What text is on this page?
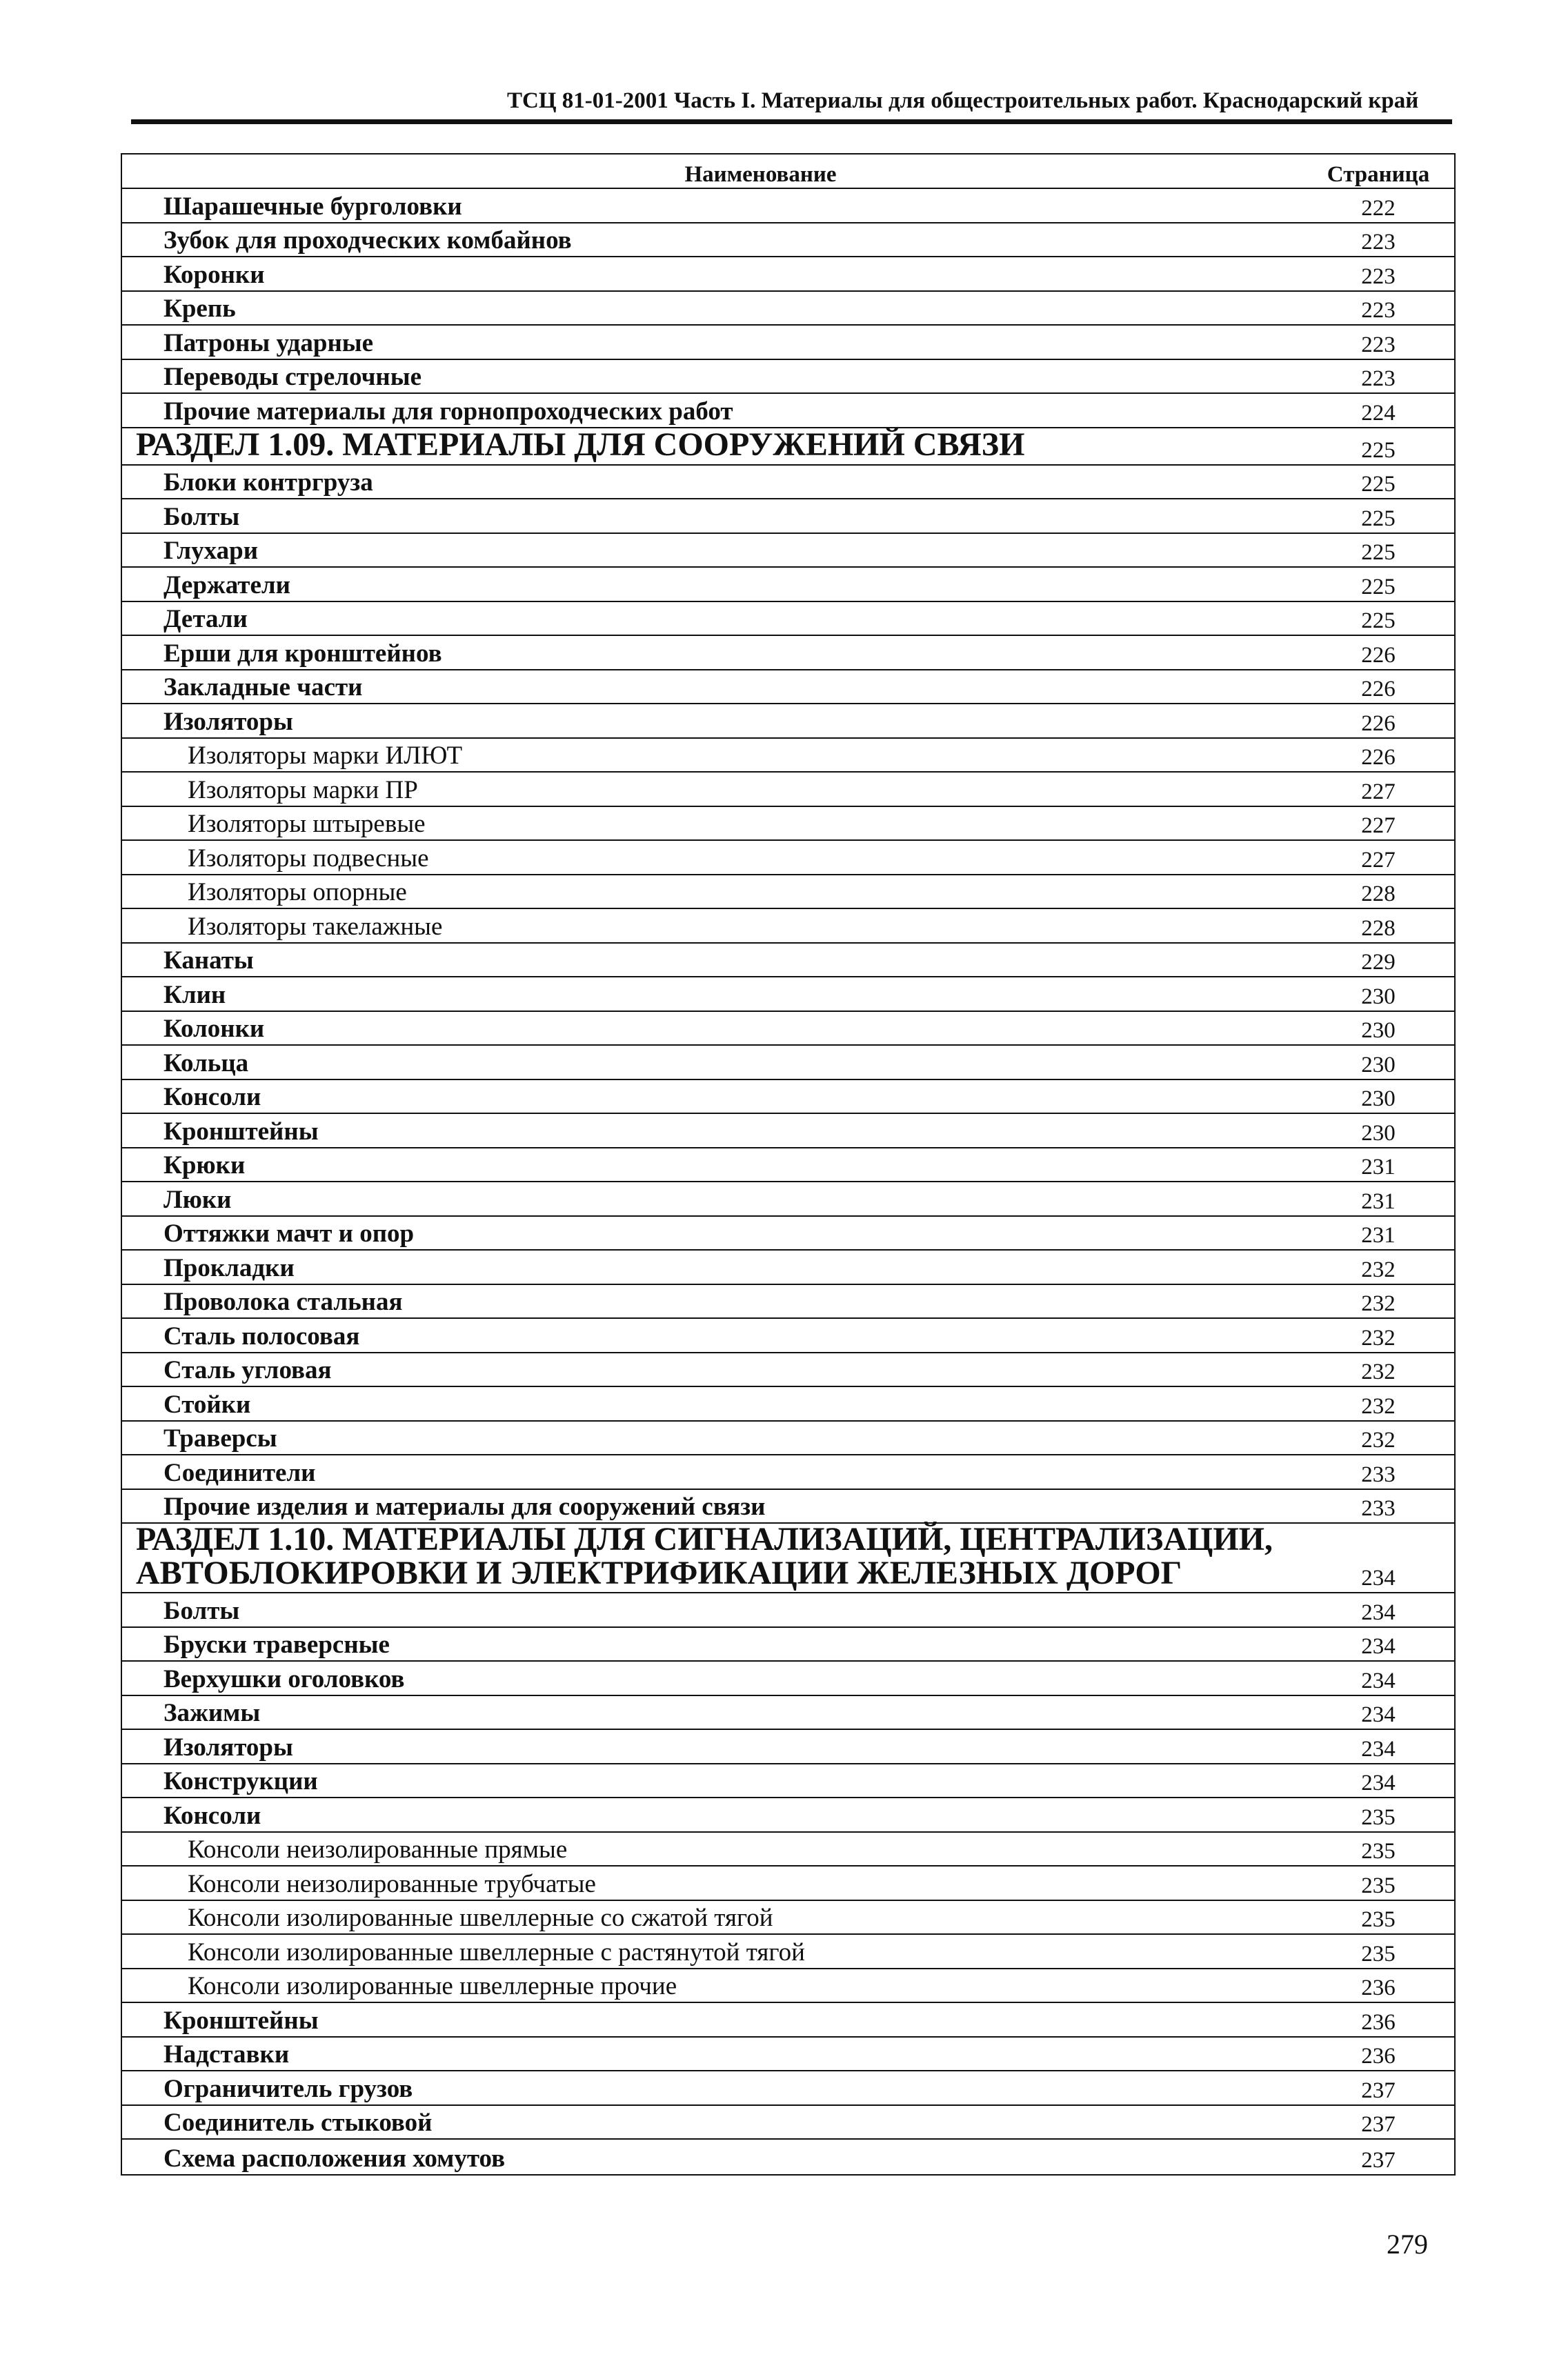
ТСЦ 81-01-2001 Часть I. Материалы для общестроительных работ. Краснодарский край
Наименование	Страница
Шарашечные бурголовки	222
Зубок для проходческих комбайнов	223
Коронки	223
Крепь	223
Патроны ударные	223
Переводы стрелочные	223
Прочие материалы для горнопроходческих работ	224
РАЗДЕЛ 1.09. МАТЕРИАЛЫ ДЛЯ СООРУЖЕНИЙ СВЯЗИ	225
Блоки контргруза	225
Болты	225
Глухари	225
Держатели	225
Детали	225
Ерши для кронштейнов	226
Закладные части	226
Изоляторы	226
Изоляторы марки ИЛЮТ	226
Изоляторы марки ПР	227
Изоляторы штыревые	227
Изоляторы подвесные	227
Изоляторы опорные	228
Изоляторы такелажные	228
Канаты	229
Клин	230
Колонки	230
Кольца	230
Консоли	230
Кронштейны	230
Крюки	231
Люки	231
Оттяжки мачт и опор	231
Прокладки	232
Проволока стальная	232
Сталь полосовая	232
Сталь угловая	232
Стойки	232
Траверсы	232
Соединители	233
Прочие изделия и материалы для сооружений связи	233
РАЗДЕЛ 1.10. МАТЕРИАЛЫ ДЛЯ СИГНАЛИЗАЦИЙ, ЦЕНТРАЛИЗАЦИИ, АВТОБЛОКИРОВКИ И ЭЛЕКТРИФИКАЦИИ ЖЕЛЕЗНЫХ ДОРОГ	234
Болты	234
Бруски траверсные	234
Верхушки оголовков	234
Зажимы	234
Изоляторы	234
Конструкции	234
Консоли	235
Консоли неизолированные прямые	235
Консоли неизолированные трубчатые	235
Консоли изолированные швеллерные со сжатой тягой	235
Консоли изолированные швеллерные с растянутой тягой	235
Консоли изолированные швеллерные прочие	236
Кронштейны	236
Надставки	236
Ограничитель грузов	237
Соединитель стыковой	237
Схема расположения хомутов	237
279
